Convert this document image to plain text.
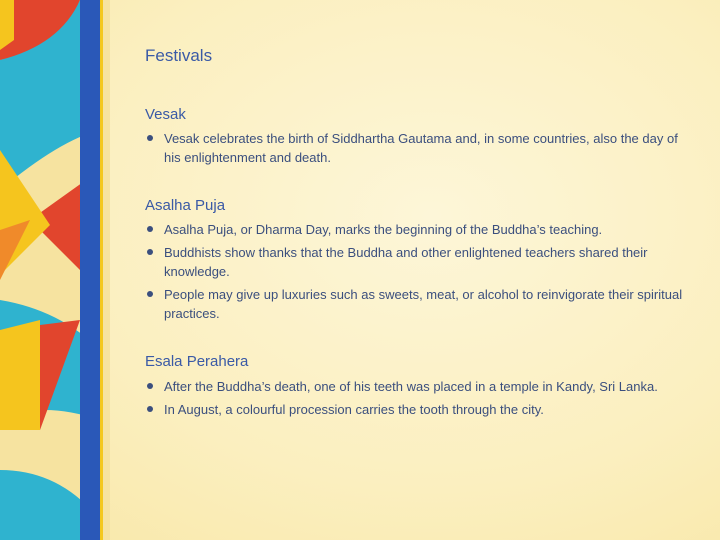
Festivals
Vesak
Vesak celebrates the birth of Siddhartha Gautama and, in some countries, also the day of his enlightenment and death.
Asalha Puja
Asalha Puja, or Dharma Day, marks the beginning of the Buddha’s teaching.
Buddhists show thanks that the Buddha and other enlightened teachers shared their knowledge.
People may give up luxuries such as sweets, meat, or alcohol to reinvigorate their spiritual practices.
Esala Perahera
After the Buddha’s death, one of his teeth was placed in a temple in Kandy, Sri Lanka.
In August, a colourful procession carries the tooth through the city.
